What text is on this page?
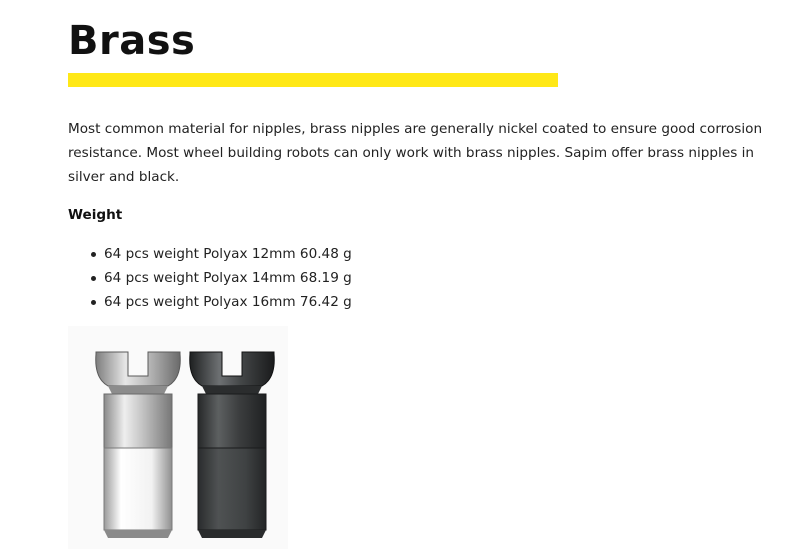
Brass

Most common material for nipples, brass nipples are generally nickel coated to ensure good corrosion resistance. Most wheel building robots can only work with brass nipples. Sapim offer brass nipples in silver and black.

Weight

64 pcs weight Polyax 12mm 60.48 g
64 pcs weight Polyax 14mm 68.19 g
64 pcs weight Polyax 16mm 76.42 g
